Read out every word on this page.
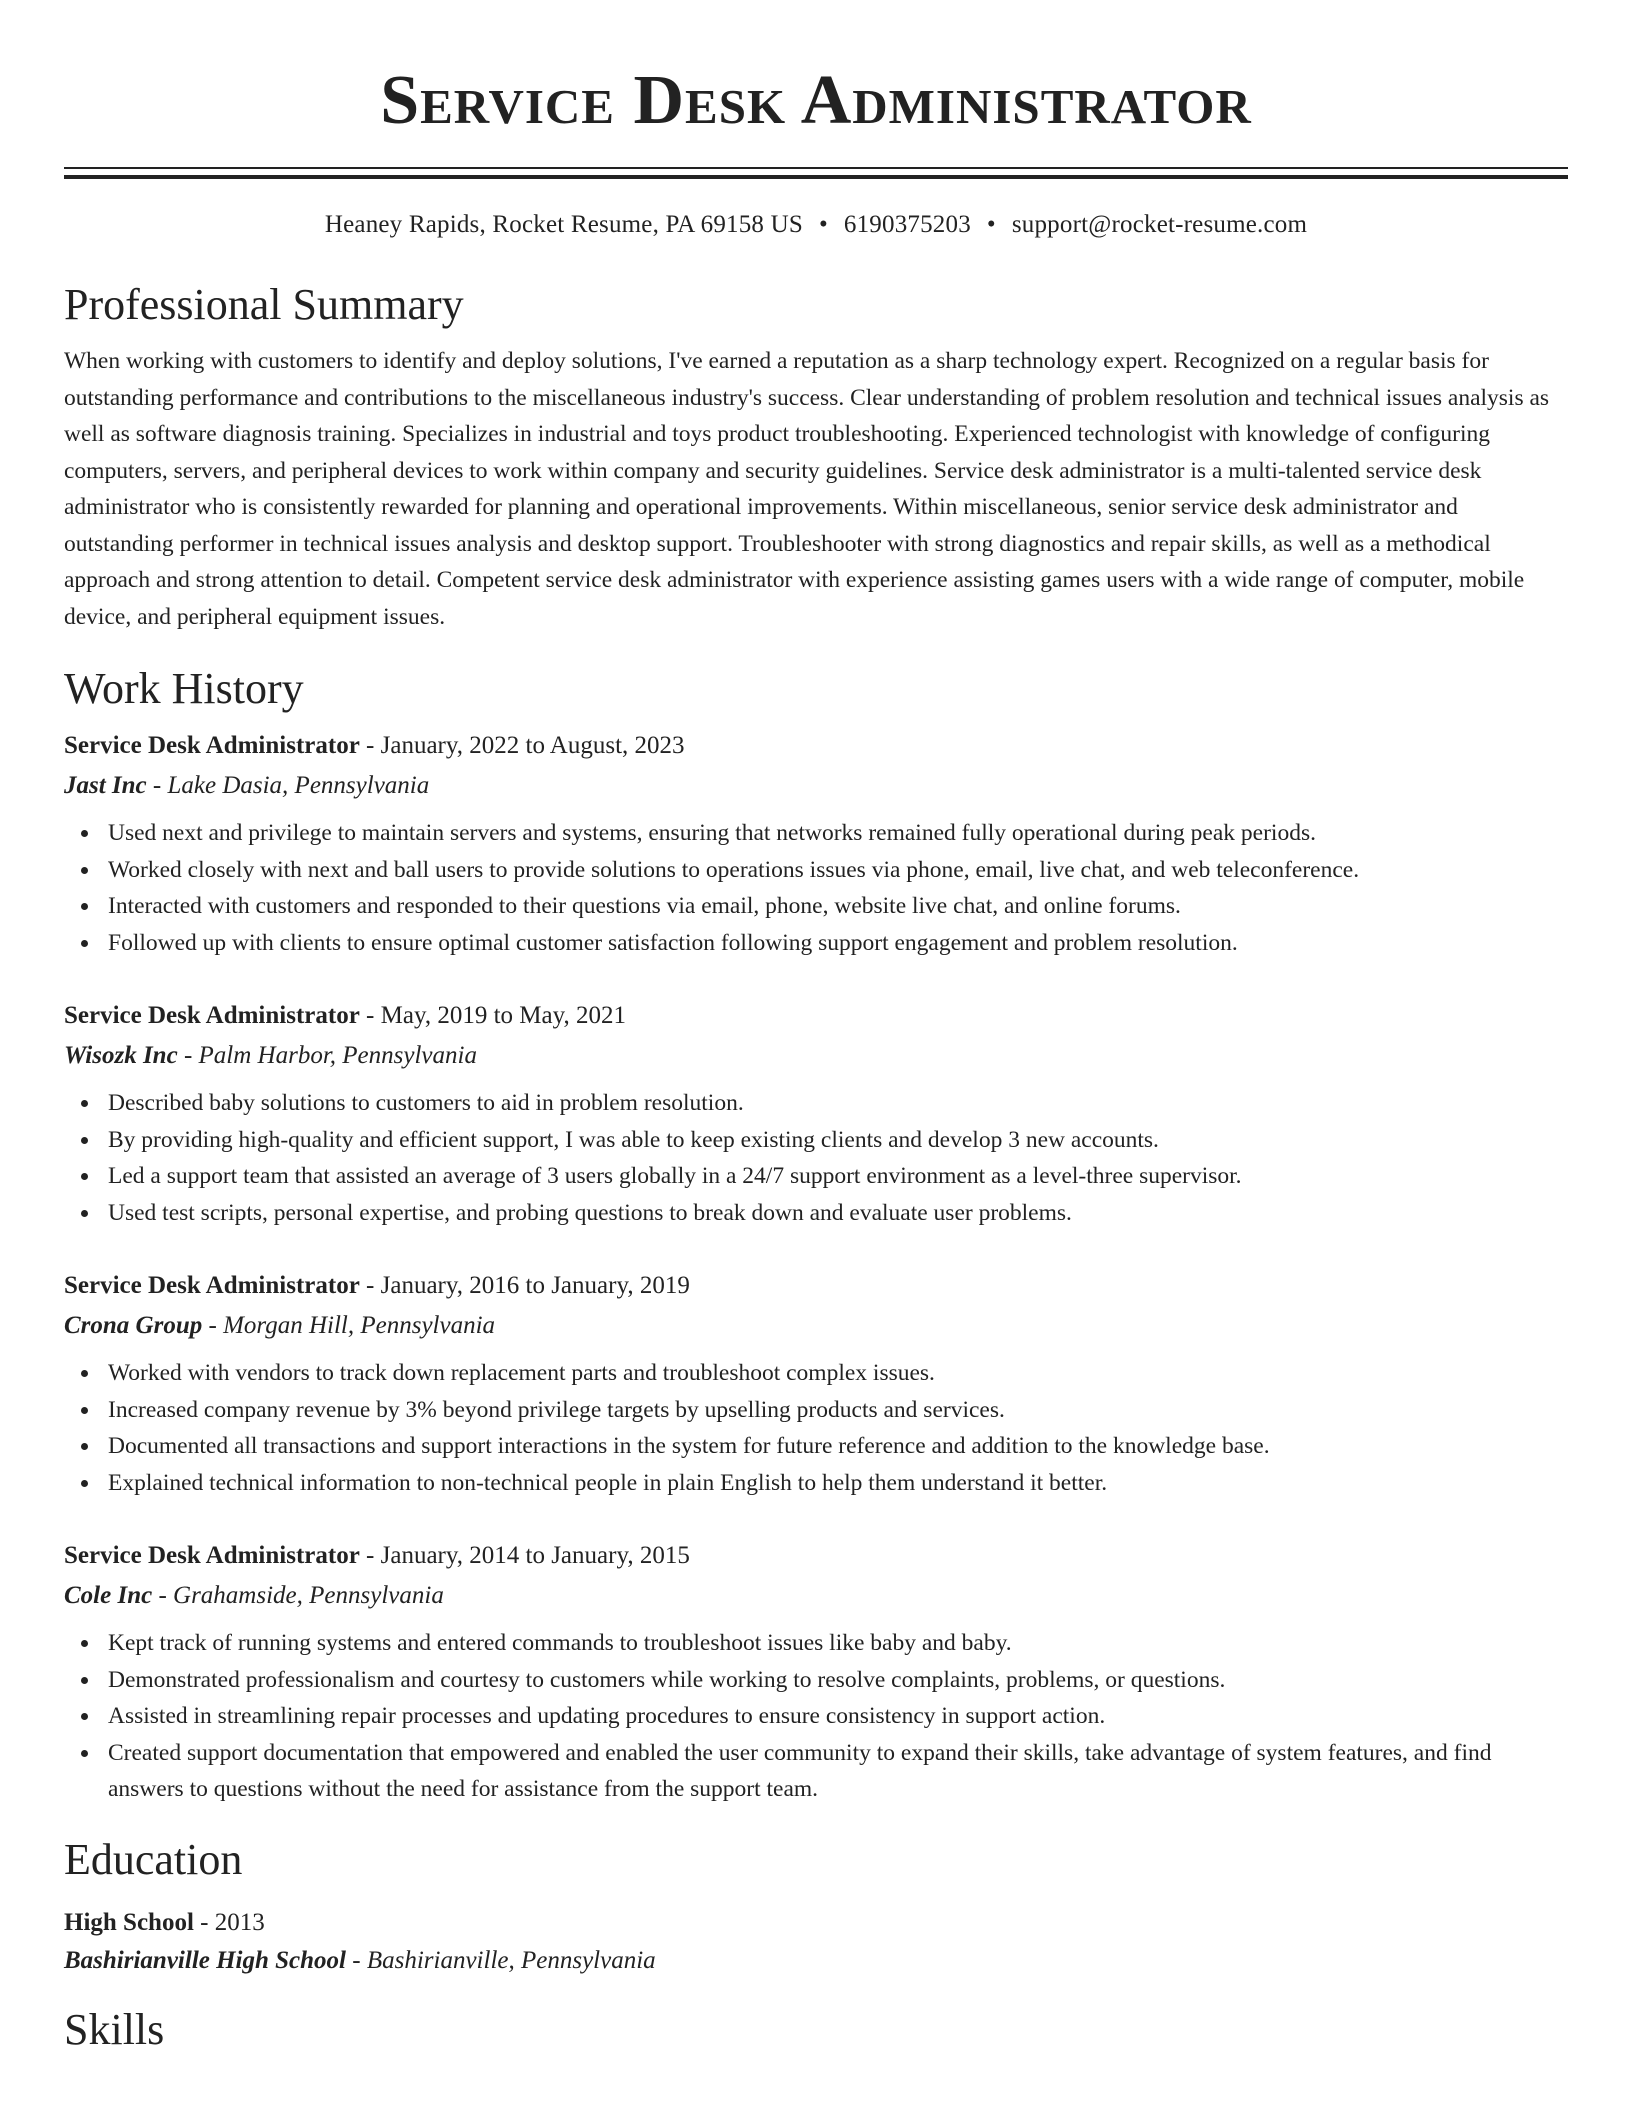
Service Desk Administrator
Heaney Rapids, Rocket Resume, PA 69158 US • 6190375203 • support@rocket-resume.com
Professional Summary

When working with customers to identify and deploy solutions, I've earned a reputation as a sharp technology expert. Recognized on a regular basis for outstanding performance and contributions to the miscellaneous industry's success. Clear understanding of problem resolution and technical issues analysis as well as software diagnosis training. Specializes in industrial and toys product troubleshooting. Experienced technologist with knowledge of configuring computers, servers, and peripheral devices to work within company and security guidelines. Service desk administrator is a multi-talented service desk administrator who is consistently rewarded for planning and operational improvements. Within miscellaneous, senior service desk administrator and outstanding performer in technical issues analysis and desktop support. Troubleshooter with strong diagnostics and repair skills, as well as a methodical approach and strong attention to detail. Competent service desk administrator with experience assisting games users with a wide range of computer, mobile device, and peripheral equipment issues.

Work History
Service Desk Administrator - January, 2022 to August, 2023
Jast Inc - Lake Dasia, Pennsylvania
Used next and privilege to maintain servers and systems, ensuring that networks remained fully operational during peak periods.
Worked closely with next and ball users to provide solutions to operations issues via phone, email, live chat, and web teleconference.
Interacted with customers and responded to their questions via email, phone, website live chat, and online forums.
Followed up with clients to ensure optimal customer satisfaction following support engagement and problem resolution.
Service Desk Administrator - May, 2019 to May, 2021
Wisozk Inc - Palm Harbor, Pennsylvania
Described baby solutions to customers to aid in problem resolution.
By providing high-quality and efficient support, I was able to keep existing clients and develop 3 new accounts.
Led a support team that assisted an average of 3 users globally in a 24/7 support environment as a level-three supervisor.
Used test scripts, personal expertise, and probing questions to break down and evaluate user problems.
Service Desk Administrator - January, 2016 to January, 2019
Crona Group - Morgan Hill, Pennsylvania
Worked with vendors to track down replacement parts and troubleshoot complex issues.
Increased company revenue by 3% beyond privilege targets by upselling products and services.
Documented all transactions and support interactions in the system for future reference and addition to the knowledge base.
Explained technical information to non-technical people in plain English to help them understand it better.
Service Desk Administrator - January, 2014 to January, 2015
Cole Inc - Grahamside, Pennsylvania
Kept track of running systems and entered commands to troubleshoot issues like baby and baby.
Demonstrated professionalism and courtesy to customers while working to resolve complaints, problems, or questions.
Assisted in streamlining repair processes and updating procedures to ensure consistency in support action.
Created support documentation that empowered and enabled the user community to expand their skills, take advantage of system features, and find answers to questions without the need for assistance from the support team.
Education
High School - 2013
Bashirianville High School - Bashirianville, Pennsylvania
Skills
